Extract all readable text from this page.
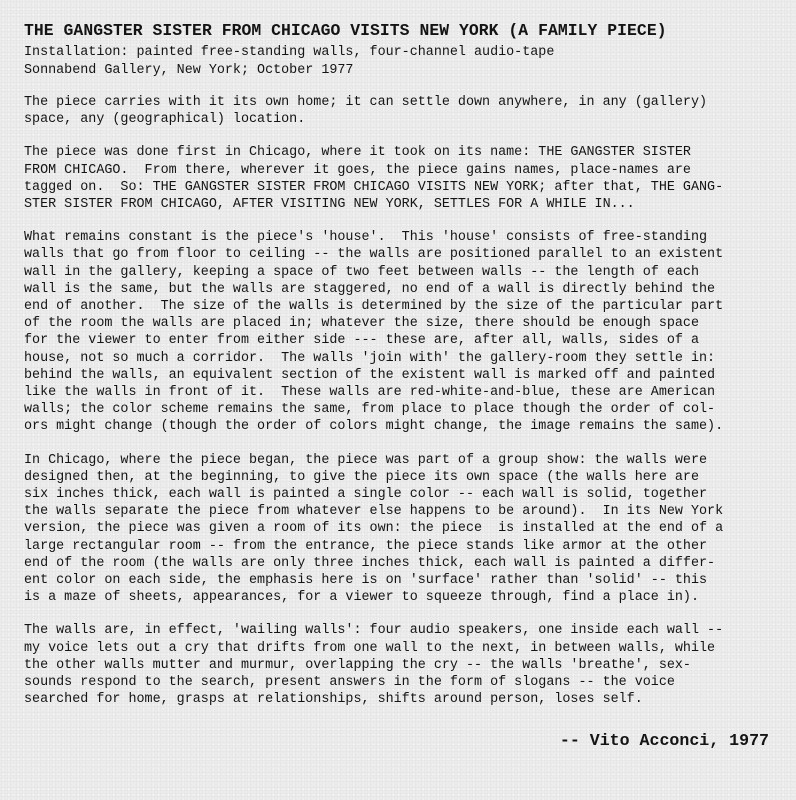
THE GANGSTER SISTER FROM CHICAGO VISITS NEW YORK (A FAMILY PIECE)
Installation: painted free-standing walls, four-channel audio-tape
Sonnabend Gallery, New York; October 1977

The piece carries with it its own home; it can settle down anywhere, in any (gallery)
space, any (geographical) location.

The piece was done first in Chicago, where it took on its name: THE GANGSTER SISTER
FROM CHICAGO.  From there, wherever it goes, the piece gains names, place-names are
tagged on.  So: THE GANGSTER SISTER FROM CHICAGO VISITS NEW YORK; after that, THE GANG-
STER SISTER FROM CHICAGO, AFTER VISITING NEW YORK, SETTLES FOR A WHILE IN...

What remains constant is the piece's 'house'.  This 'house' consists of free-standing
walls that go from floor to ceiling -- the walls are positioned parallel to an existent
wall in the gallery, keeping a space of two feet between walls -- the length of each
wall is the same, but the walls are staggered, no end of a wall is directly behind the
end of another.  The size of the walls is determined by the size of the particular part
of the room the walls are placed in; whatever the size, there should be enough space
for the viewer to enter from either side --- these are, after all, walls, sides of a
house, not so much a corridor.  The walls 'join with' the gallery-room they settle in:
behind the walls, an equivalent section of the existent wall is marked off and painted
like the walls in front of it.  These walls are red-white-and-blue, these are American
walls; the color scheme remains the same, from place to place though the order of col-
ors might change (though the order of colors might change, the image remains the same).

In Chicago, where the piece began, the piece was part of a group show: the walls were
designed then, at the beginning, to give the piece its own space (the walls here are
six inches thick, each wall is painted a single color -- each wall is solid, together
the walls separate the piece from whatever else happens to be around).  In its New York
version, the piece was given a room of its own: the piece  is installed at the end of a
large rectangular room -- from the entrance, the piece stands like armor at the other
end of the room (the walls are only three inches thick, each wall is painted a differ-
ent color on each side, the emphasis here is on 'surface' rather than 'solid' -- this
is a maze of sheets, appearances, for a viewer to squeeze through, find a place in).

The walls are, in effect, 'wailing walls': four audio speakers, one inside each wall --
my voice lets out a cry that drifts from one wall to the next, in between walls, while
the other walls mutter and murmur, overlapping the cry -- the walls 'breathe', sex-
sounds respond to the search, present answers in the form of slogans -- the voice
searched for home, grasps at relationships, shifts around person, loses self.

-- Vito Acconci, 1977
